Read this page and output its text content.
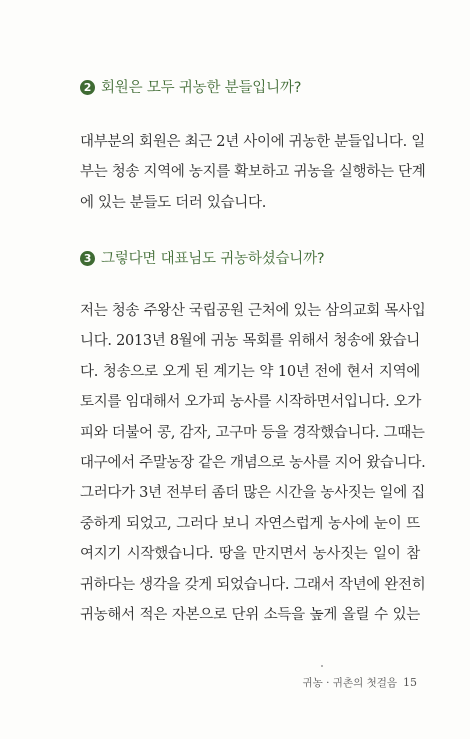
2 회원은 모두 귀농한 분들입니까?
대부분의 회원은 최근 2년 사이에 귀농한 분들입니다. 일
부는 청송 지역에 농지를 확보하고 귀농을 실행하는 단계
에 있는 분들도 더러 있습니다.
3 그렇다면 대표님도 귀농하셨습니까?
저는 청송 주왕산 국립공원 근처에 있는 삼의교회 목사입
니다. 2013년 8월에 귀농 목회를 위해서 청송에 왔습니
다. 청송으로 오게 된 계기는 약 10년 전에 현서 지역에
토지를 임대해서 오가피 농사를 시작하면서입니다. 오가
피와 더불어 콩, 감자, 고구마 등을 경작했습니다. 그때는
대구에서 주말농장 같은 개념으로 농사를 지어 왔습니다.
그러다가 3년 전부터 좀더 많은 시간을 농사짓는 일에 집
중하게 되었고, 그러다 보니 자연스럽게 농사에 눈이 뜨
여지기 시작했습니다. 땅을 만지면서 농사짓는 일이 참
귀하다는 생각을 갖게 되었습니다. 그래서 작년에 완전히
귀농해서 적은 자본으로 단위 소득을 높게 올릴 수 있는
귀농 · 귀촌의 첫걸음 15
